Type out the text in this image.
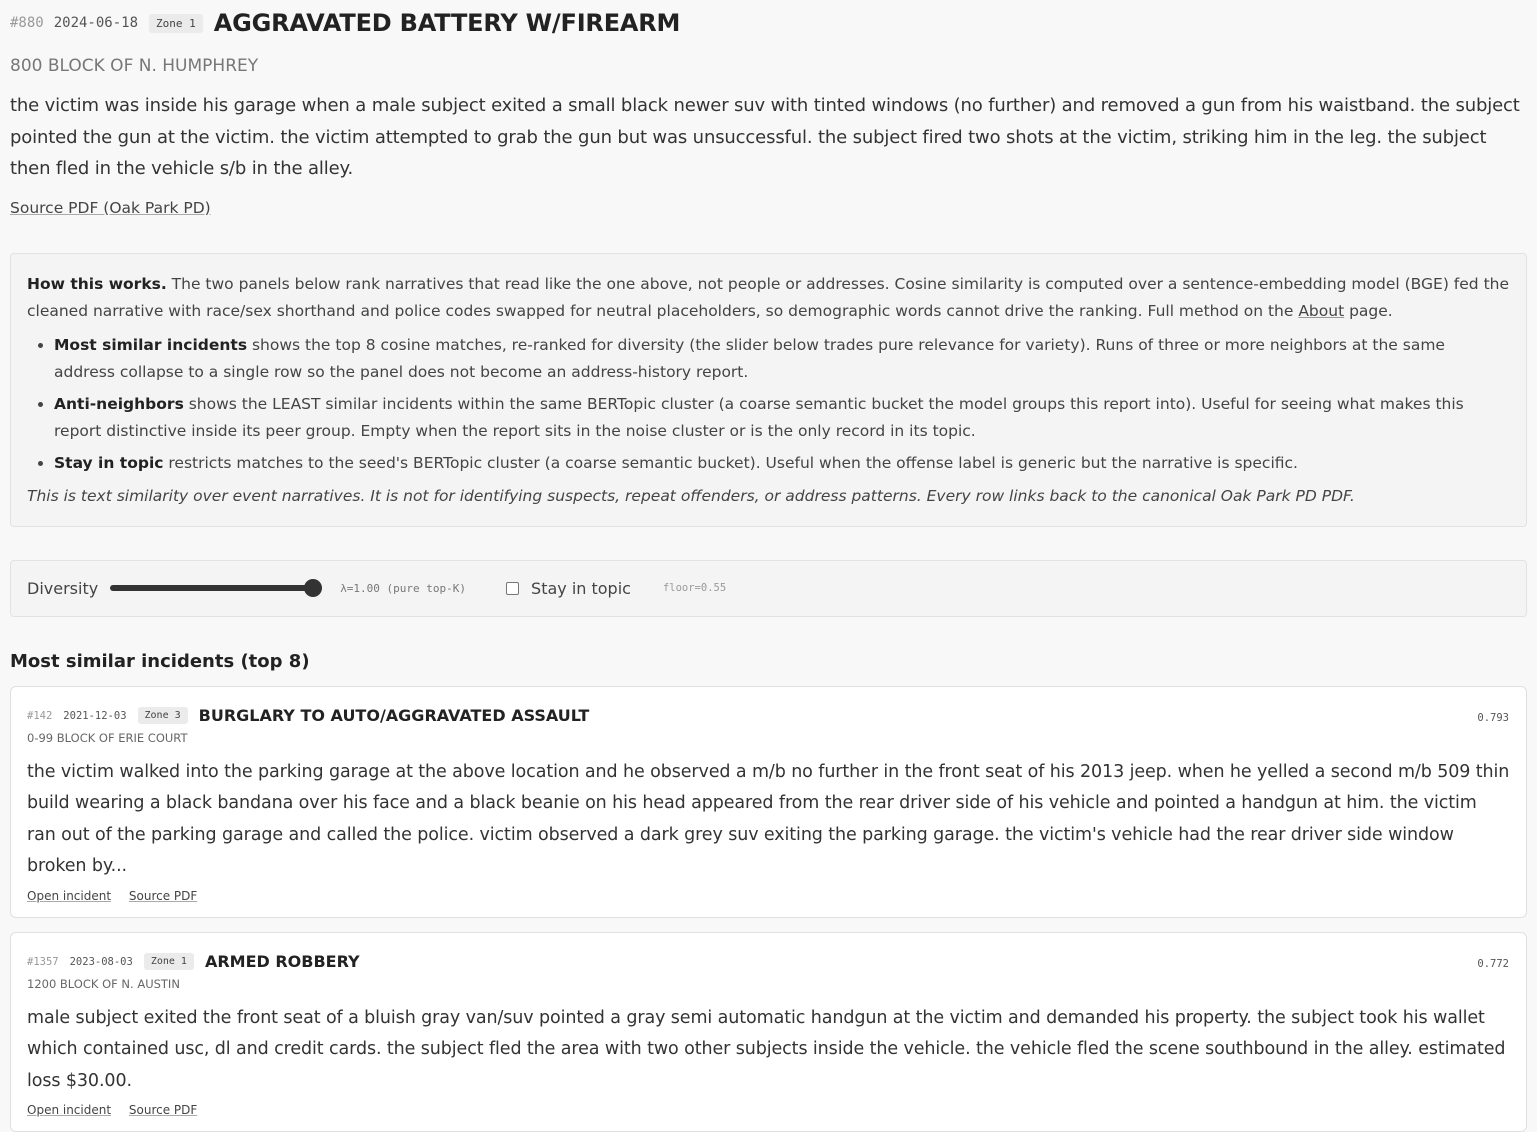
#880 2024-06-18	Zone 1 AGGRAVATED BATTERY W/FIREARM
800 BLOCK OF N. HUMPHREY
the victim was inside his garage when a male subject exited a small black newer suv with tinted windows (no further) and removed a gun from his waistband. the subject pointed the gun at the victim. the victim attempted to grab the gun but was unsuccessful. the subject fired two shots at the victim, striking him in the leg. the subject then fled in the vehicle s/b in the alley.
Source PDF (Oak Park PD)
How this works. The two panels below rank narratives that read like the one above, not people or addresses. Cosine similarity is computed over a sentence-embedding model (BGE) fed the cleaned narrative with race/sex shorthand and police codes swapped for neutral placeholders, so demographic words cannot drive the ranking. Full method on the About page.
• Most similar incidents shows the top 8 cosine matches, re-ranked for diversity (the slider below trades pure relevance for variety). Runs of three or more neighbors at the same address collapse to a single row so the panel does not become an address-history report.
• Anti-neighbors shows the LEAST similar incidents within the same BERTopic cluster (a coarse semantic bucket the model groups this report into). Useful for seeing what makes this report distinctive inside its peer group. Empty when the report sits in the noise cluster or is the only record in its topic.
• Stay in topic restricts matches to the seed's BERTopic cluster (a coarse semantic bucket). Useful when the offense label is generic but the narrative is specific.
This is text similarity over event narratives. It is not for identifying suspects, repeat offenders, or address patterns. Every row links back to the canonical Oak Park PD PDF.
Diversity	λ=1.00 (pure top-K)	Stay in topic	floor=0.55
Most similar incidents (top 8)
#142 2021-12-03	Zone 3	BURGLARY TO AUTO/AGGRAVATED ASSAULT	0.793
0-99 BLOCK OF ERIE COURT
the victim walked into the parking garage at the above location and he observed a m/b no further in the front seat of his 2013 jeep. when he yelled a second m/b 509 thin build wearing a black bandana over his face and a black beanie on his head appeared from the rear driver side of his vehicle and pointed a handgun at him. the victim ran out of the parking garage and called the police. victim observed a dark grey suv exiting the parking garage. the victim's vehicle had the rear driver side window broken by...
Open incident Source PDF
#1357 2023-08-03	Zone 1	ARMED ROBBERY	0.772
1200 BLOCK OF N. AUSTIN
male subject exited the front seat of a bluish gray van/suv pointed a gray semi automatic handgun at the victim and demanded his property. the subject took his wallet which contained usc, dl and credit cards. the subject fled the area with two other subjects inside the vehicle. the vehicle fled the scene southbound in the alley. estimated loss $30.00.
Open incident Source PDF
